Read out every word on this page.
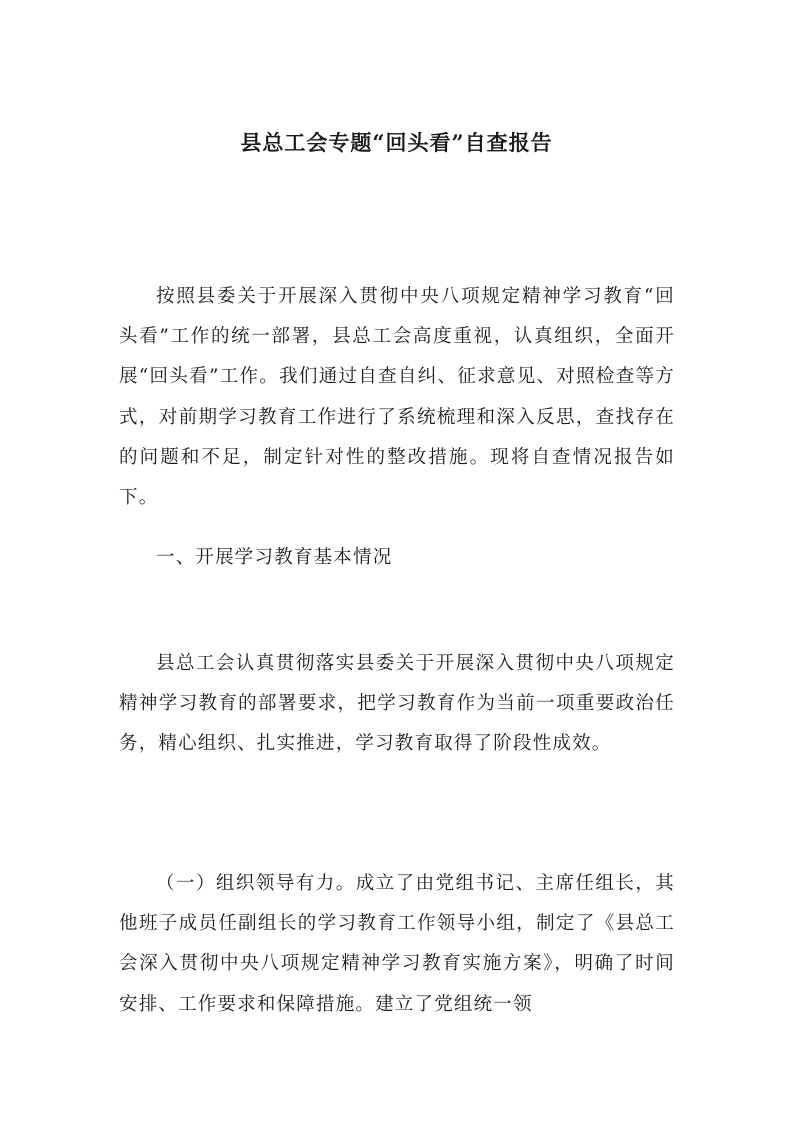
县总工会专题“回头看”自查报告

按照县委关于开展深入贯彻中央八项规定精神学习教育“回头看”工作的统一部署，县总工会高度重视，认真组织，全面开展“回头看”工作。我们通过自查自纠、征求意见、对照检查等方式，对前期学习教育工作进行了系统梳理和深入反思，查找存在的问题和不足，制定针对性的整改措施。现将自查情况报告如下。

一、开展学习教育基本情况

县总工会认真贯彻落实县委关于开展深入贯彻中央八项规定精神学习教育的部署要求，把学习教育作为当前一项重要政治任务，精心组织、扎实推进，学习教育取得了阶段性成效。

（一）组织领导有力。成立了由党组书记、主席任组长，其他班子成员任副组长的学习教育工作领导小组，制定了《县总工会深入贯彻中央八项规定精神学习教育实施方案》，明确了时间安排、工作要求和保障措施。建立了党组统一领
